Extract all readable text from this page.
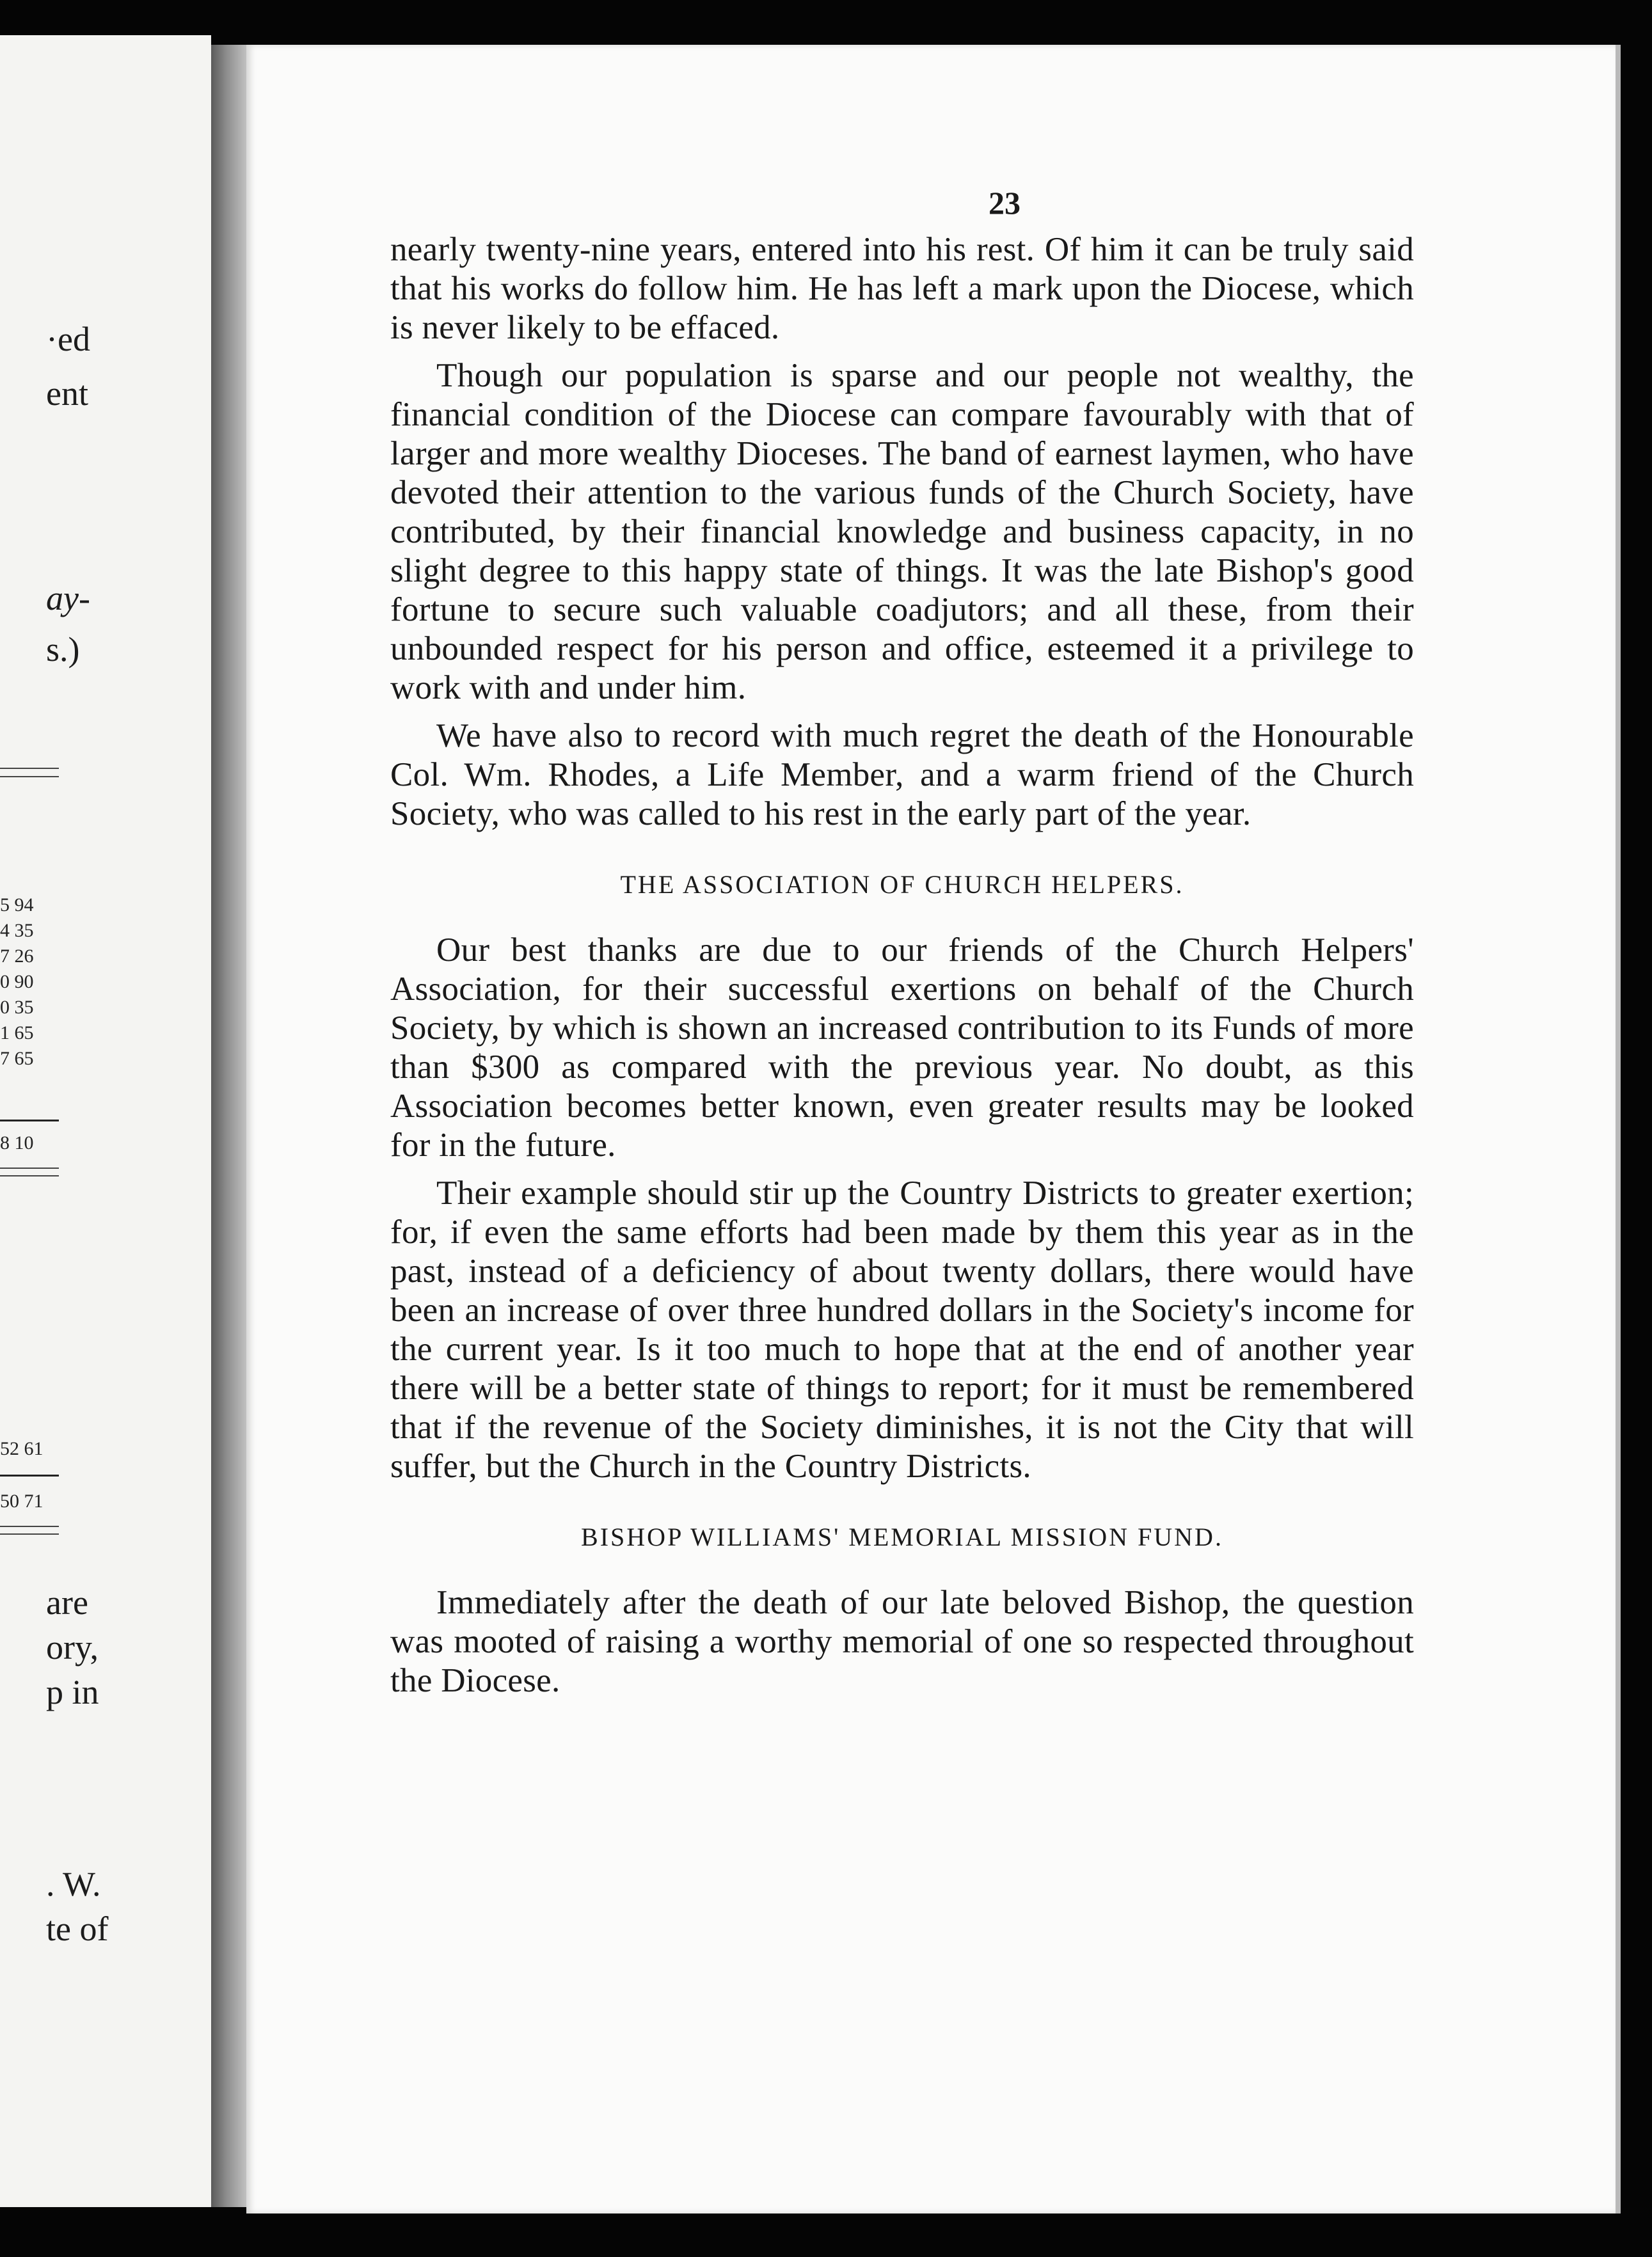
·ed
ent
ay-
s.)
5 94
4 35
7 26
0 90
0 35
1 65
7 65
8 10
52 61
50 71
are
ory,
p in
. W.
te of
23

nearly twenty-nine years, entered into his rest. Of him it can be truly said that his works do follow him. He has left a mark upon the Diocese, which is never likely to be effaced.

Though our population is sparse and our people not wealthy, the financial condition of the Diocese can compare favourably with that of larger and more wealthy Dioceses. The band of earnest laymen, who have devoted their attention to the various funds of the Church Society, have contributed, by their financial knowledge and business capacity, in no slight degree to this happy state of things. It was the late Bishop's good fortune to secure such valuable coadjutors; and all these, from their unbounded respect for his person and office, esteemed it a privilege to work with and under him.

We have also to record with much regret the death of the Honourable Col. Wm. Rhodes, a Life Member, and a warm friend of the Church Society, who was called to his rest in the early part of the year.

THE ASSOCIATION OF CHURCH HELPERS.

Our best thanks are due to our friends of the Church Helpers' Association, for their successful exertions on behalf of the Church Society, by which is shown an increased contribution to its Funds of more than $300 as compared with the previous year. No doubt, as this Association becomes better known, even greater results may be looked for in the future.

Their example should stir up the Country Districts to greater exertion; for, if even the same efforts had been made by them this year as in the past, instead of a deficiency of about twenty dollars, there would have been an increase of over three hundred dollars in the Society's income for the current year. Is it too much to hope that at the end of another year there will be a better state of things to report; for it must be remembered that if the revenue of the Society diminishes, it is not the City that will suffer, but the Church in the Country Districts.

BISHOP WILLIAMS' MEMORIAL MISSION FUND.

Immediately after the death of our late beloved Bishop, the question was mooted of raising a worthy memorial of one so respected throughout the Diocese.
